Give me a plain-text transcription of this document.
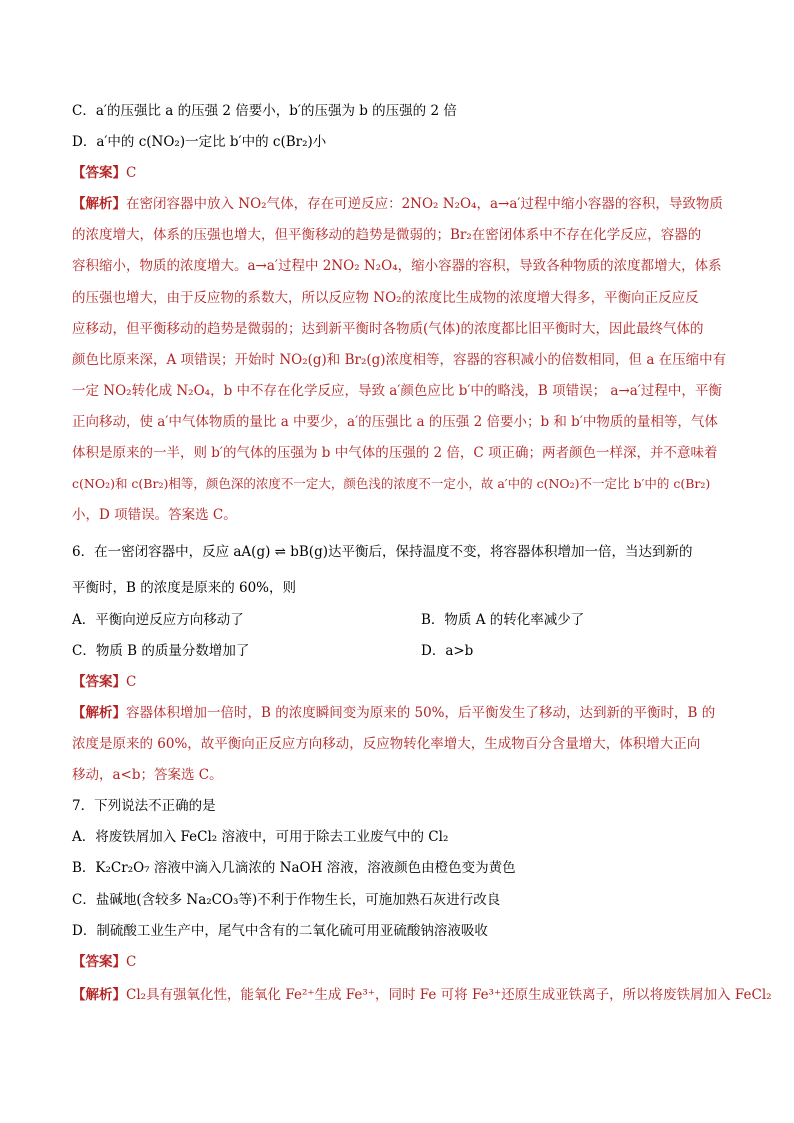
C．a′的压强比 a 的压强 2 倍要小，b′的压强为 b 的压强的 2 倍
D．a′中的 c(NO₂)一定比 b′中的 c(Br₂)小
【答案】C
【解析】在密闭容器中放入 NO₂气体，存在可逆反应：2NO₂ N₂O₄，a→a′过程中缩小容器的容积，导致物质
的浓度增大，体系的压强也增大，但平衡移动的趋势是微弱的；Br₂在密闭体系中不存在化学反应，容器的
容积缩小，物质的浓度增大。a→a′过程中 2NO₂ N₂O₄，缩小容器的容积，导致各种物质的浓度都增大，体系
的压强也增大，由于反应物的系数大，所以反应物 NO₂的浓度比生成物的浓度增大得多，平衡向正反应反
应移动，但平衡移动的趋势是微弱的；达到新平衡时各物质(气体)的浓度都比旧平衡时大，因此最终气体的
颜色比原来深，A 项错误；开始时 NO₂(g)和 Br₂(g)浓度相等，容器的容积减小的倍数相同，但 a 在压缩中有
一定 NO₂转化成 N₂O₄，b 中不存在化学反应，导致 a′颜色应比 b′中的略浅，B 项错误； a→a′过程中，平衡
正向移动，使 a′中气体物质的量比 a 中要少，a′的压强比 a 的压强 2 倍要小；b 和 b′中物质的量相等，气体
体积是原来的一半，则 b′的气体的压强为 b 中气体的压强的 2 倍，C 项正确；两者颜色一样深，并不意味着
c(NO₂)和 c(Br₂)相等，颜色深的浓度不一定大，颜色浅的浓度不一定小，故 a′中的 c(NO₂)不一定比 b′中的 c(Br₂)
小，D 项错误。答案选 C。
6．在一密闭容器中，反应 aA(g) ⇌ bB(g)达平衡后，保持温度不变，将容器体积增加一倍，当达到新的
平衡时，B 的浓度是原来的 60%，则
A．平衡向逆反应方向移动了	B．物质 A 的转化率减少了
C．物质 B 的质量分数增加了	D．a>b
【答案】C
【解析】容器体积增加一倍时，B 的浓度瞬间变为原来的 50%，后平衡发生了移动，达到新的平衡时，B 的
浓度是原来的 60%，故平衡向正反应方向移动，反应物转化率增大，生成物百分含量增大，体积增大正向
移动，a<b；答案选 C。
7．下列说法不正确的是
A．将废铁屑加入 FeCl₂ 溶液中，可用于除去工业废气中的 Cl₂
B．K₂Cr₂O₇ 溶液中滴入几滴浓的 NaOH 溶液，溶液颜色由橙色变为黄色
C．盐碱地(含较多 Na₂CO₃等)不利于作物生长，可施加熟石灰进行改良
D．制硫酸工业生产中，尾气中含有的二氧化硫可用亚硫酸钠溶液吸收
【答案】C
【解析】Cl₂具有强氧化性，能氧化 Fe²⁺生成 Fe³⁺，同时 Fe 可将 Fe³⁺还原生成亚铁离子，所以将废铁屑加入 FeCl₂
